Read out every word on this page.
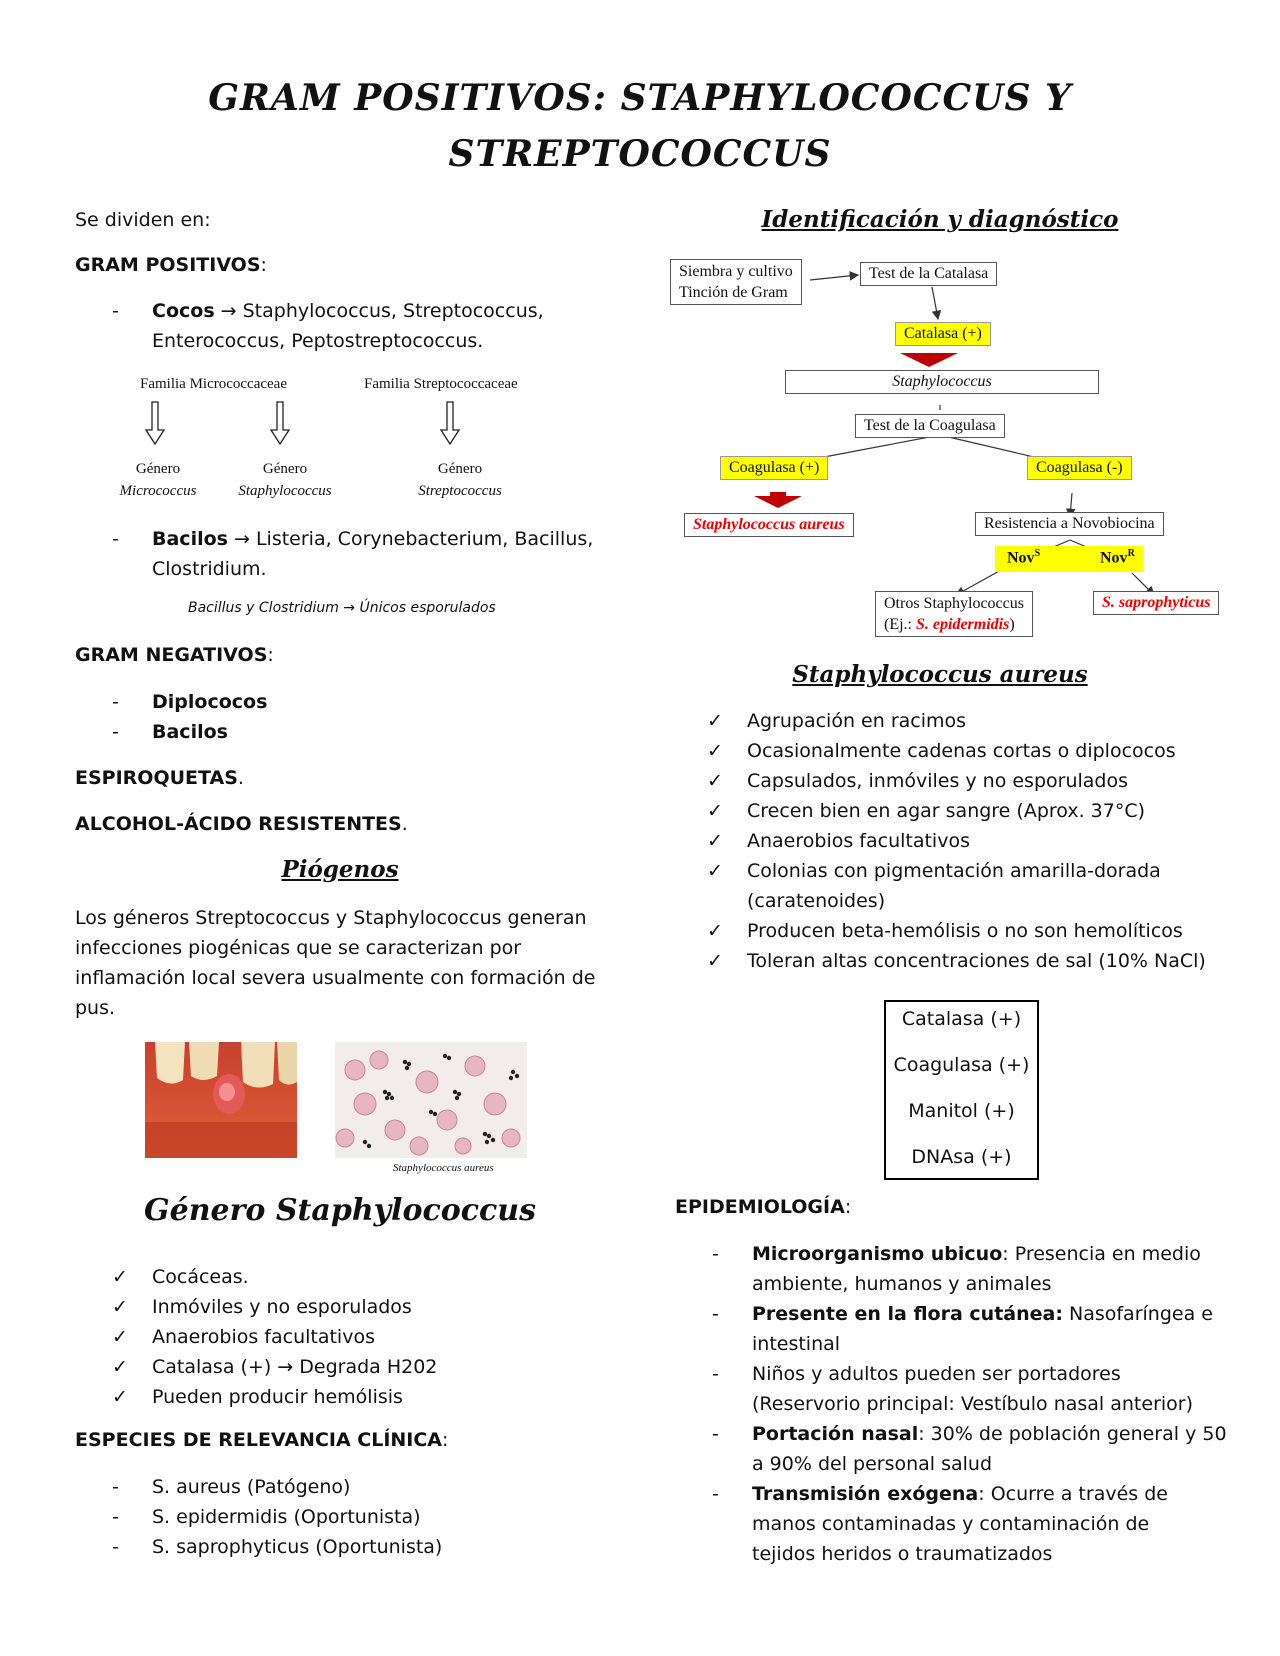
GRAM POSITIVOS: STAPHYLOCOCCUS Y
STREPTOCOCCUS
Se dividen en:
GRAM POSITIVOS:
- Cocos → Staphylococcus, Streptococcus,
Enterococcus, Peptostreptococcus.
Familia Micrococcaceae	Familia Streptococcaceae
Género
Micrococcus
Género
Staphylococcus
Género
Streptococcus
- Bacilos → Listeria, Corynebacterium, Bacillus,
Clostridium.
Bacillus y Clostridium → Únicos esporulados
GRAM NEGATIVOS:
- Diplococos
- Bacilos
ESPIROQUETAS.
ALCOHOL-ÁCIDO RESISTENTES.
Piógenos
Los géneros Streptococcus y Staphylococcus generan
infecciones piogénicas que se caracterizan por
inflamación local severa usualmente con formación de
pus.
Staphylococcus aureus
Género Staphylococcus
✓ Cocáceas.
✓ Inmóviles y no esporulados
✓ Anaerobios facultativos
✓ Catalasa (+) → Degrada H202
✓ Pueden producir hemólisis
ESPECIES DE RELEVANCIA CLÍNICA:
- S. aureus (Patógeno)
- S. epidermidis (Oportunista)
- S. saprophyticus (Oportunista)
Identificación y diagnóstico
Siembra y cultivo
Tinción de Gram
Test de la Catalasa
Catalasa (+)
Staphylococcus
Test de la Coagulasa
Coagulasa (+)	Coagulasa (-)
Staphylococcus aureus	Resistencia a Novobiocina
Nov$^S$	Nov$^R$
Otros Staphylococcus
(Ej.: S. epidermidis)
S. saprophyticus
Staphylococcus aureus
✓ Agrupación en racimos
✓ Ocasionalmente cadenas cortas o diplococos
✓ Capsulados, inmóviles y no esporulados
✓ Crecen bien en agar sangre (Aprox. 37°C)
✓ Anaerobios facultativos
✓ Colonias con pigmentación amarilla-dorada
(caratenoides)
✓ Producen beta-hemólisis o no son hemolíticos
✓ Toleran altas concentraciones de sal (10% NaCl)
Catalasa (+)
Coagulasa (+)
Manitol (+)
DNAsa (+)
EPIDEMIOLOGÍA:
- Microorganismo ubicuo: Presencia en medio
ambiente, humanos y animales
- Presente en la flora cutánea: Nasofaríngea e
intestinal
- Niños y adultos pueden ser portadores
(Reservorio principal: Vestíbulo nasal anterior)
- Portación nasal: 30% de población general y 50
a 90% del personal salud
- Transmisión exógena: Ocurre a través de
manos contaminadas y contaminación de
tejidos heridos o traumatizados
